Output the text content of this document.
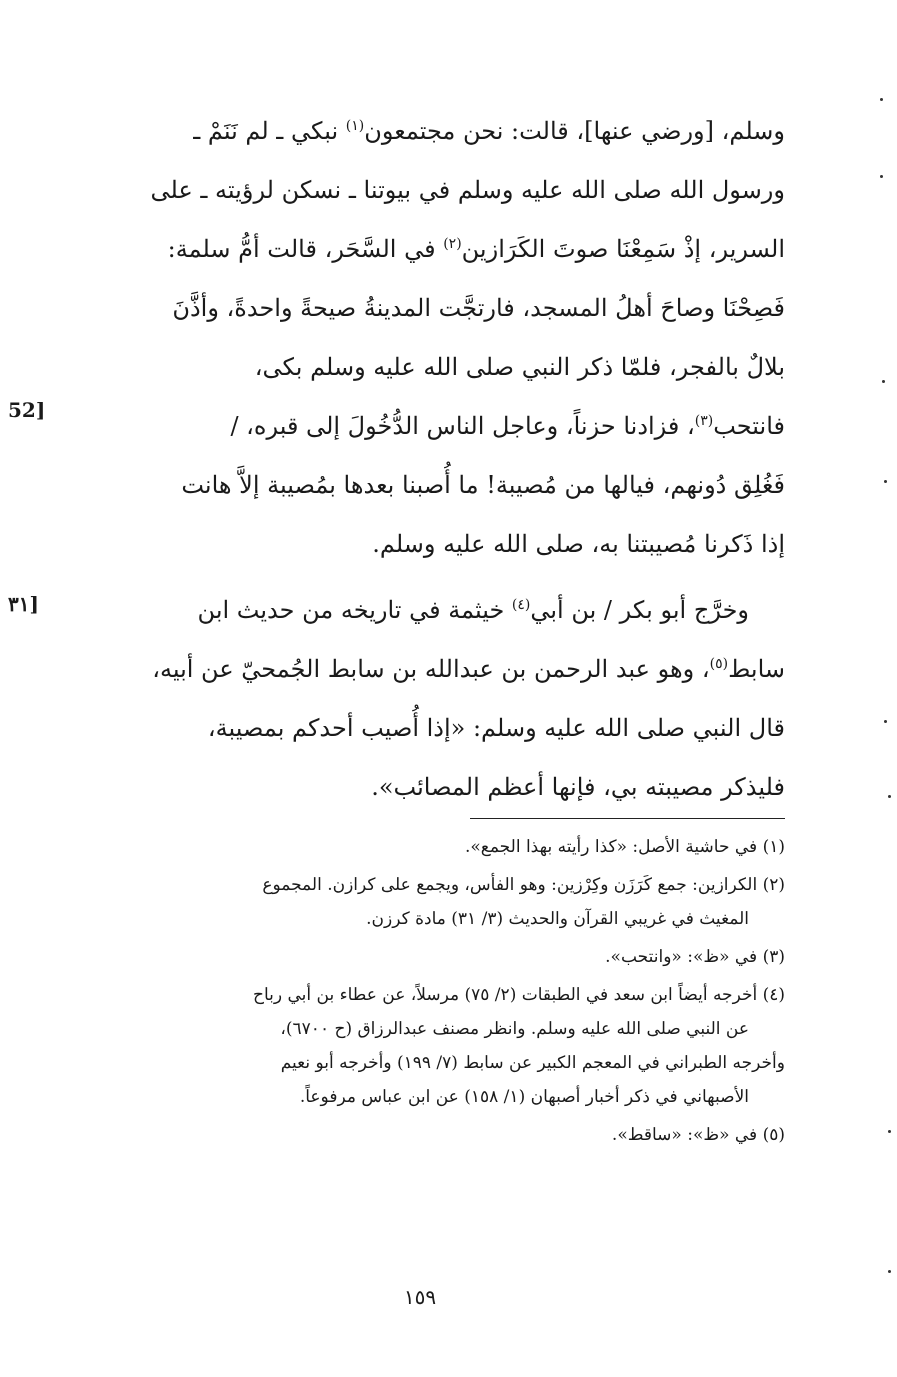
52]
٣١]
وسلم، [ورضي عنها]، قالت: نحن مجتمعون$^{(١)}$ نبكي ـ لم نَنَمْ ـ
ورسول الله صلى الله عليه وسلم في بيوتنا ـ نسكن لرؤيته ـ على
السرير، إذْ سَمِعْنَا صوتَ الكَرَازين$^{(٢)}$ في السَّحَر، قالت أمُّ سلمة:
فَصِحْنَا وصاحَ أهلُ المسجد، فارتجَّت المدينةُ صيحةً واحدةً، وأذَّنَ
بلالٌ بالفجر، فلمّا ذكر النبي صلى الله عليه وسلم بكى،
فانتحب$^{(٣)}$، فزادنا حزناً، وعاجل الناس الدُّخُولَ إلى قبره، /
فَغُلِق دُونهم، فيالها من مُصيبة! ما أُصبنا بعدها بمُصيبة إلاَّ هانت
إذا ذَكرنا مُصيبتنا به، صلى الله عليه وسلم.
وخرَّج أبو بكر / بن أبي$^{(٤)}$ خيثمة في تاريخه من حديث ابن
سابط$^{(٥)}$، وهو عبد الرحمن بن عبدالله بن سابط الجُمحيّ عن أبيه،
قال النبي صلى الله عليه وسلم: «إذا أُصيب أحدكم بمصيبة،
فليذكر مصيبته بي، فإنها أعظم المصائب».
(١) في حاشية الأصل: «كذا رأيته بهذا الجمع».
(٢) الكرازين: جمع كَرَزَن وكِرْزين: وهو الفأس، ويجمع على كرازن. المجموع
المغيث في غريبي القرآن والحديث (٣/ ٣١) مادة كرزن.
(٣) في «ظ»: «وانتحب».
(٤) أخرجه أيضاً ابن سعد في الطبقات (٢/ ٧٥) مرسلاً، عن عطاء بن أبي رباح
عن النبي صلى الله عليه وسلم. وانظر مصنف عبدالرزاق (ح ٦٧٠٠)،
وأخرجه الطبراني في المعجم الكبير عن سابط (٧/ ١٩٩) وأخرجه أبو نعيم
الأصبهاني في ذكر أخبار أصبهان (١/ ١٥٨) عن ابن عباس مرفوعاً.
(٥) في «ظ»: «ساقط».
١٥٩
